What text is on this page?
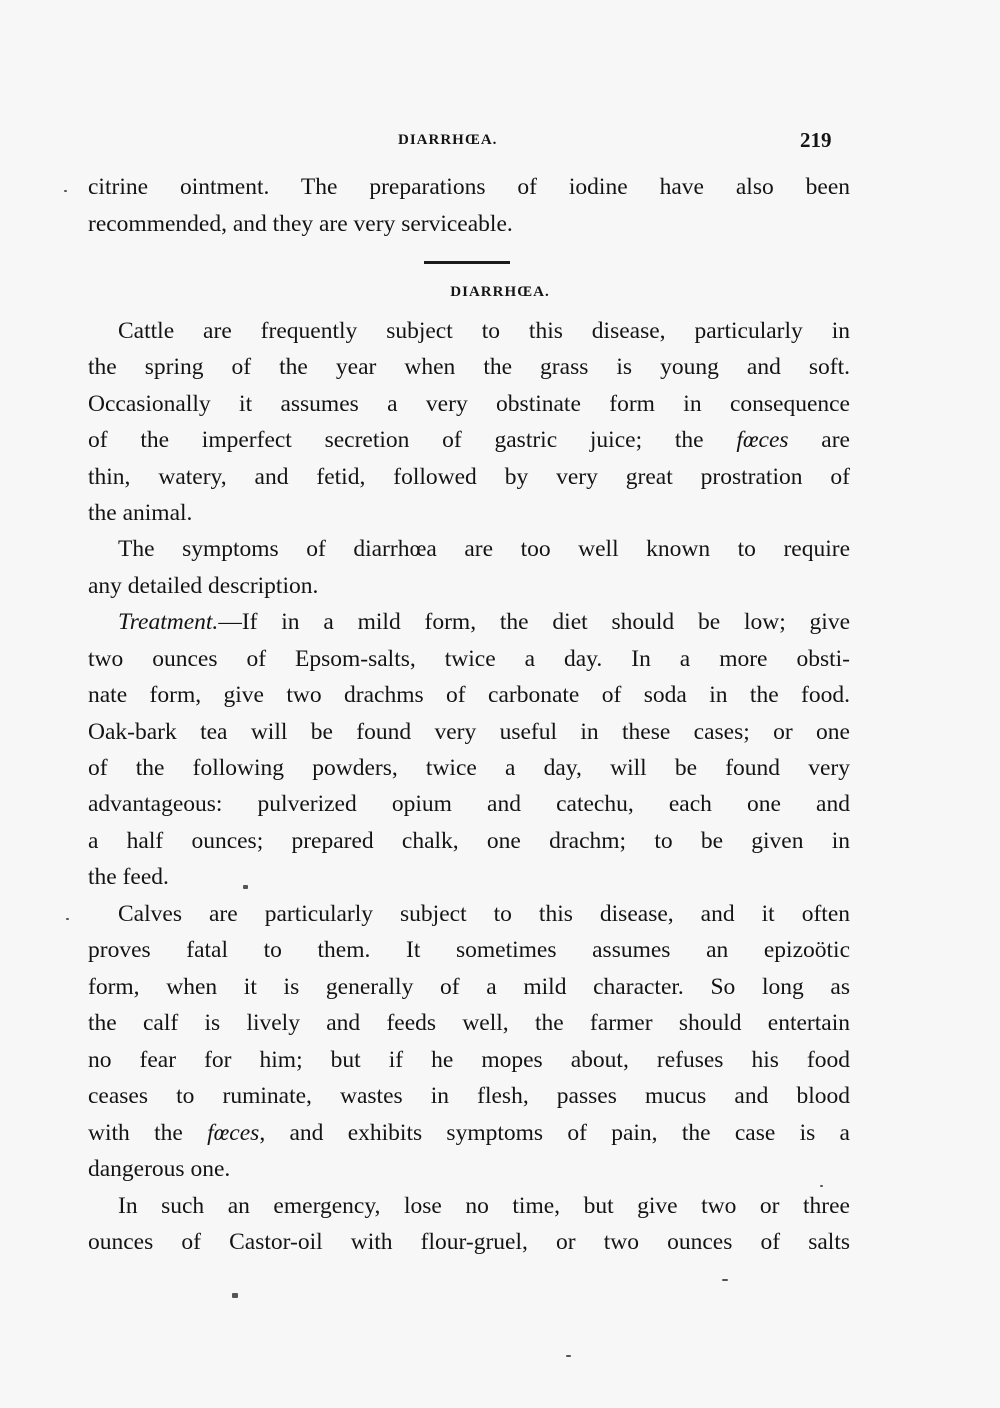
DIARRHŒA.	219
citrine ointment. The preparations of iodine have also been
recommended, and they are very serviceable.
DIARRHŒA.
Cattle are frequently subject to this disease, particularly in
the spring of the year when the grass is young and soft.
Occasionally it assumes a very obstinate form in consequence
of the imperfect secretion of gastric juice; the fœces are
thin, watery, and fetid, followed by very great prostration of
the animal.
The symptoms of diarrhœa are too well known to require
any detailed description.
Treatment.—If in a mild form, the diet should be low; give
two ounces of Epsom-salts, twice a day. In a more obsti-
nate form, give two drachms of carbonate of soda in the food.
Oak-bark tea will be found very useful in these cases; or one
of the following powders, twice a day, will be found very
advantageous: pulverized opium and catechu, each one and
a half ounces; prepared chalk, one drachm; to be given in
the feed.
Calves are particularly subject to this disease, and it often
proves fatal to them. It sometimes assumes an epizoötic
form, when it is generally of a mild character. So long as
the calf is lively and feeds well, the farmer should entertain
no fear for him; but if he mopes about, refuses his food
ceases to ruminate, wastes in flesh, passes mucus and blood
with the fœces, and exhibits symptoms of pain, the case is a
dangerous one.
In such an emergency, lose no time, but give two or three
ounces of Castor-oil with flour-gruel, or two ounces of salts
